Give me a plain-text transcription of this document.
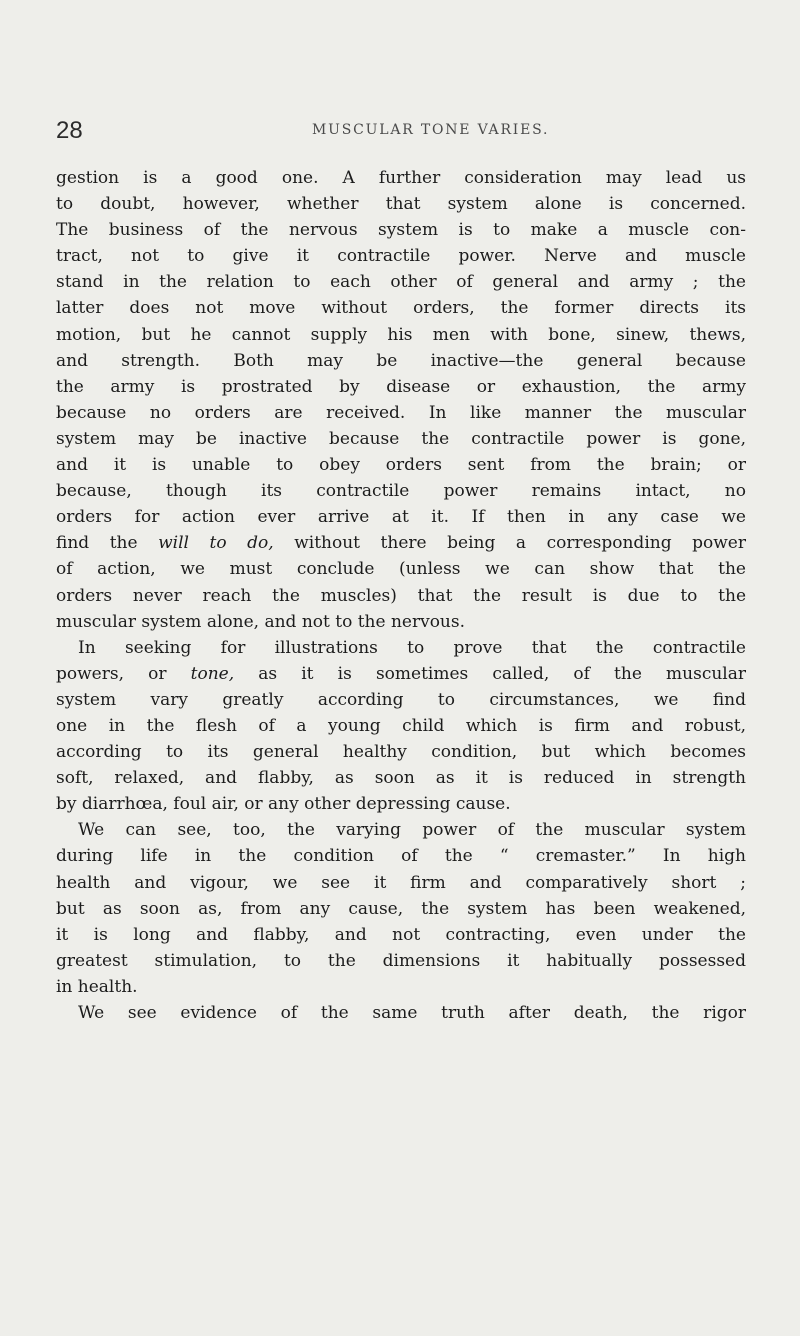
28	MUSCULAR TONE VARIES.
gestion is a good one. A further consideration may lead us
to doubt, however, whether that system alone is concerned.
The business of the nervous system is to make a muscle con-
tract, not to give it contractile power. Nerve and muscle
stand in the relation to each other of general and army ; the
latter does not move without orders, the former directs its
motion, but he cannot supply his men with bone, sinew, thews,
and strength. Both may be inactive—the general because
the army is prostrated by disease or exhaustion, the army
because no orders are received. In like manner the muscular
system may be inactive because the contractile power is gone,
and it is unable to obey orders sent from the brain; or
because, though its contractile power remains intact, no
orders for action ever arrive at it. If then in any case we
find the will to do, without there being a corresponding power
of action, we must conclude (unless we can show that the
orders never reach the muscles) that the result is due to the
muscular system alone, and not to the nervous.
In seeking for illustrations to prove that the contractile
powers, or tone, as it is sometimes called, of the muscular
system vary greatly according to circumstances, we find
one in the flesh of a young child which is firm and robust,
according to its general healthy condition, but which becomes
soft, relaxed, and flabby, as soon as it is reduced in strength
by diarrhœa, foul air, or any other depressing cause.
We can see, too, the varying power of the muscular system
during life in the condition of the “ cremaster.” In high
health and vigour, we see it firm and comparatively short ;
but as soon as, from any cause, the system has been weakened,
it is long and flabby, and not contracting, even under the
greatest stimulation, to the dimensions it habitually possessed
in health.
We see evidence of the same truth after death, the rigor
